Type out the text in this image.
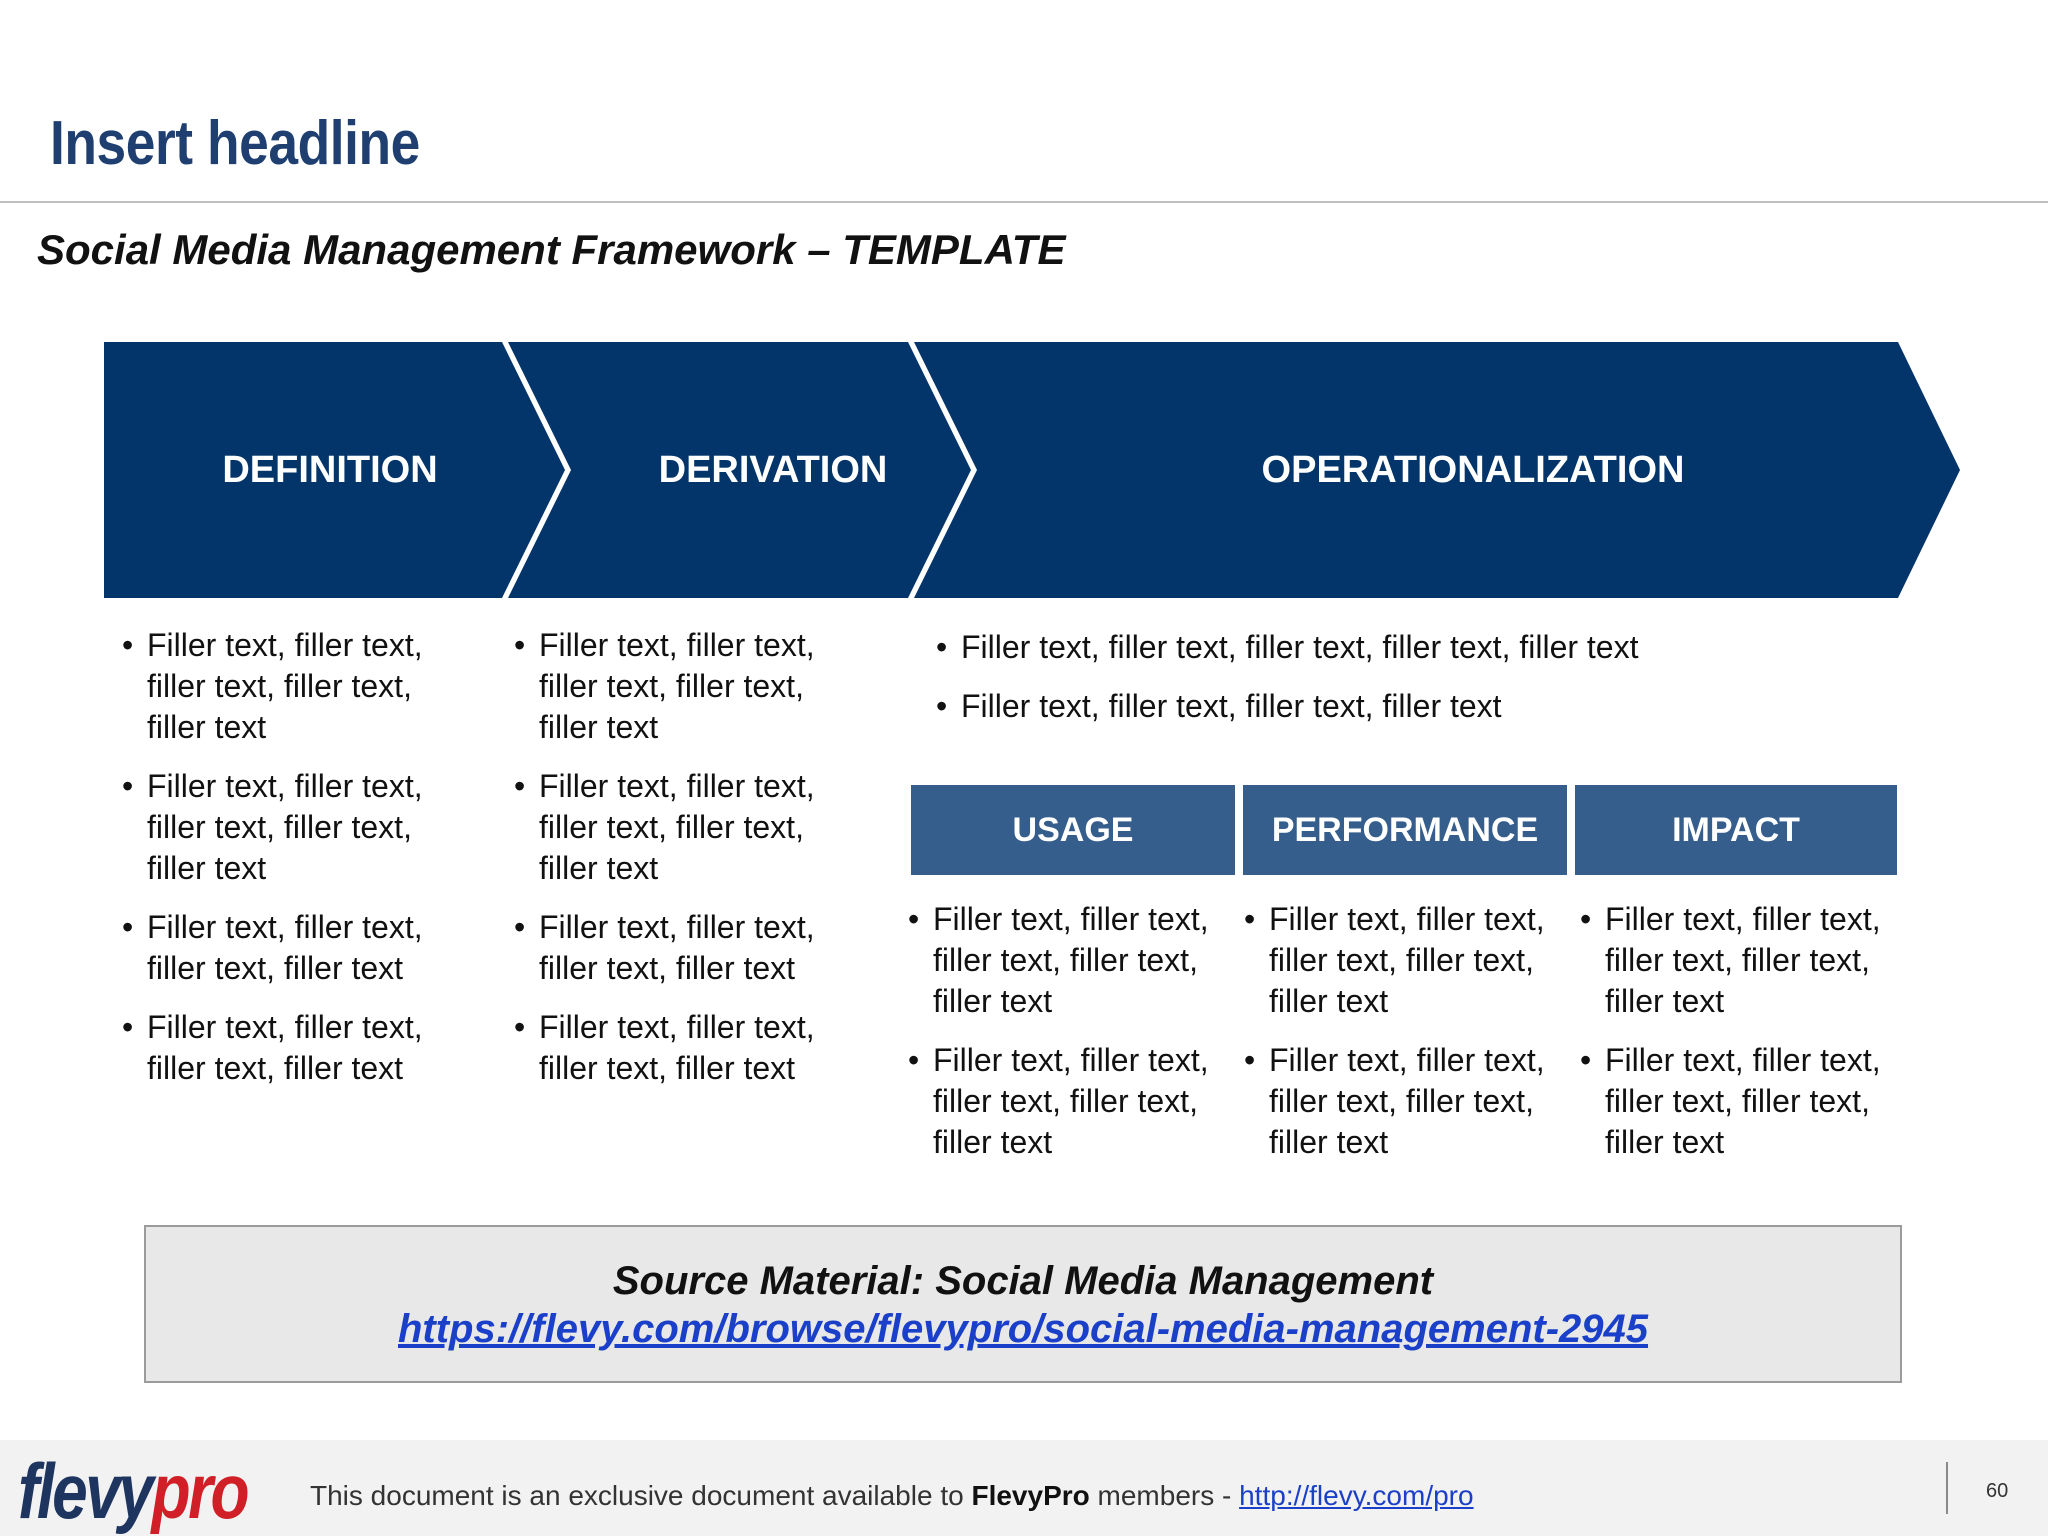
Insert headline
Social Media Management Framework – TEMPLATE
DEFINITION	DERIVATION	OPERATIONALIZATION
• Filler text, filler text, filler text, filler text, filler text
• Filler text, filler text, filler text, filler text, filler text
• Filler text, filler text, filler text, filler text
• Filler text, filler text, filler text, filler text
• Filler text, filler text, filler text, filler text, filler text
• Filler text, filler text, filler text, filler text, filler text
• Filler text, filler text, filler text, filler text
• Filler text, filler text, filler text, filler text
• Filler text, filler text, filler text, filler text, filler text
• Filler text, filler text, filler text, filler text
USAGE	PERFORMANCE	IMPACT
• Filler text, filler text, filler text, filler text, filler text
• Filler text, filler text, filler text, filler text, filler text
• Filler text, filler text, filler text, filler text, filler text
• Filler text, filler text, filler text, filler text, filler text
• Filler text, filler text, filler text, filler text, filler text
• Filler text, filler text, filler text, filler text, filler text
Source Material: Social Media Management
https://flevy.com/browse/flevypro/social-media-management-2945
flevypro This document is an exclusive document available to FlevyPro members - http://flevy.com/pro	60
